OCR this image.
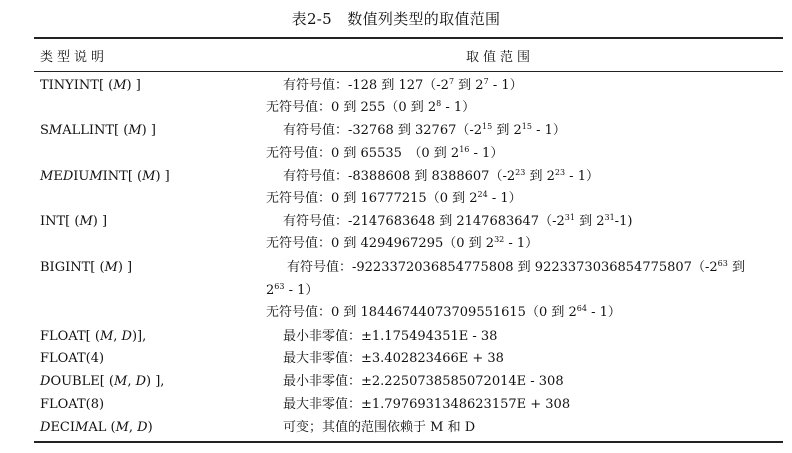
表2-5　数值列类型的取值范围
类型说明	取值范围
TINYINT[ (M) ]	有符号值：-128 到 $127(-2^7$ 到 $2^7 - 1$）
无符号值：0 到 255（0 到 $2^8 - 1$）
SMALLINT[ (M) ]	有符号值：-32768 到 $32767(-2^{15}$ 到 $2^{15} - 1$）
无符号值：0 到 65535　（0 到 $2^{16} - 1$）
MEDIUMINT[ (M) ]	有符号值：-8388608 到 $8388607(-2^{23}$ 到 $2^{23} - 1$）
无符号值：0 到 16777215（0 到 $2^{24} - 1$）
INT[ (M) ]	有符号值：-2147683648 到 $2147683647(-2^{31}$ 到 $2^{31}-1$)
无符号值：0 到 4294967295（0 到 $2^{32} - 1$）
BIGINT[ (M) ]	有符号值：-9223372036854775808 到 $9223373036854775807(-2^{63}$ 到
$2^{63} - 1$）
无符号值：0 到 18446744073709551615（0 到 $2^{64} - 1$）
FLOAT[ (M, D)],	最小非零值：±1.175494351E - 38
FLOAT(4)	最大非零值：±3.402823466E + 38
DOUBLE[ (M, D) ],	最小非零值：±2.2250738585072014E - 308
FLOAT(8)	最大非零值：±1.7976931348623157E + 308
DECIMAL (M, D)	可变；其值的范围依赖于 M 和 D
